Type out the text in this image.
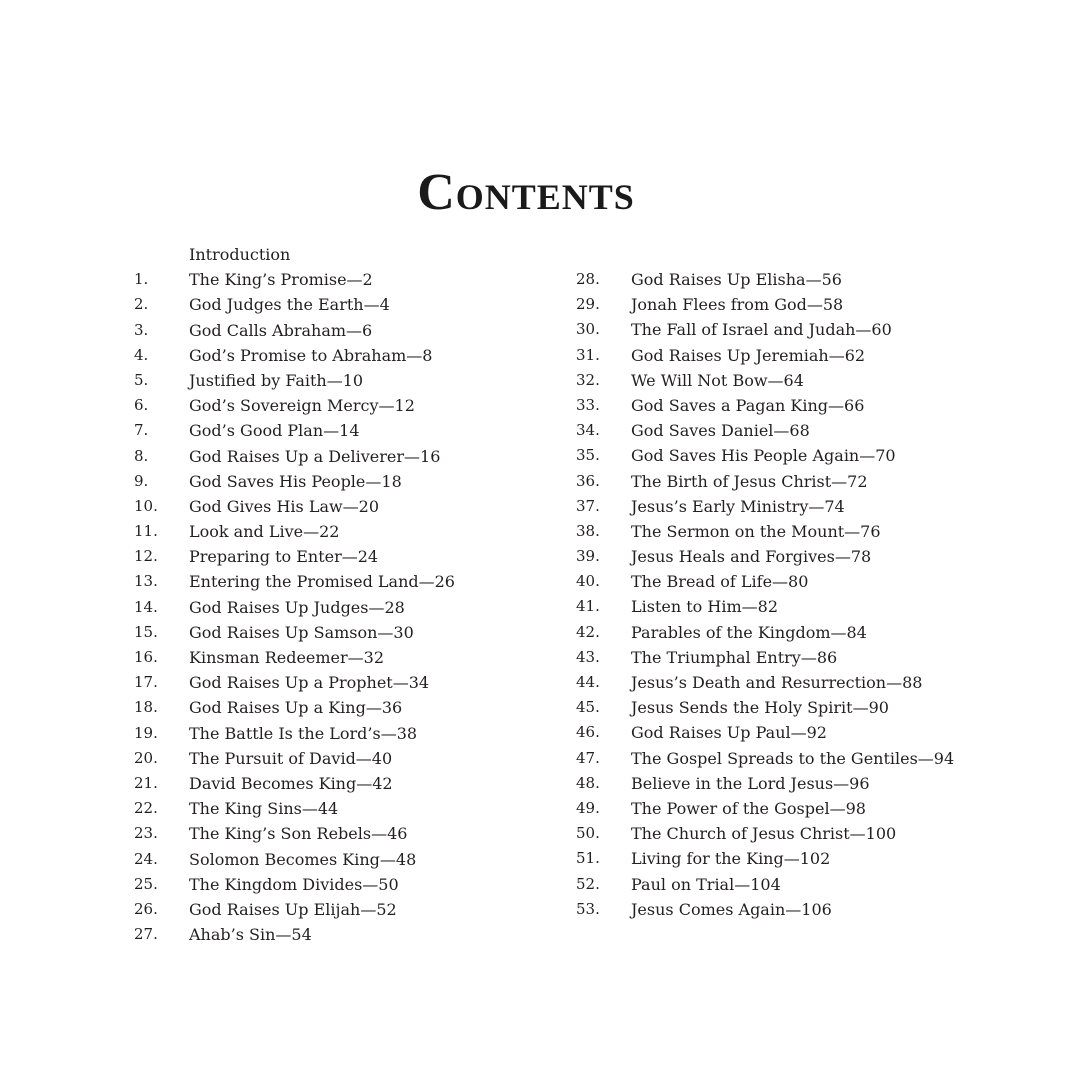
Contents
Introduction
1.	The King’s Promise—2
2.	God Judges the Earth—4
3.	God Calls Abraham—6
4.	God’s Promise to Abraham—8
5.	Justified by Faith—10
6.	God’s Sovereign Mercy—12
7.	God’s Good Plan—14
8.	God Raises Up a Deliverer—16
9.	God Saves His People—18
10.	God Gives His Law—20
11.	Look and Live—22
12.	Preparing to Enter—24
13.	Entering the Promised Land—26
14.	God Raises Up Judges—28
15.	God Raises Up Samson—30
16.	Kinsman Redeemer—32
17.	God Raises Up a Prophet—34
18.	God Raises Up a King—36
19.	The Battle Is the Lord’s—38
20.	The Pursuit of David—40
21.	David Becomes King—42
22.	The King Sins—44
23.	The King’s Son Rebels—46
24.	Solomon Becomes King—48
25.	The Kingdom Divides—50
26.	God Raises Up Elijah—52
27.	Ahab’s Sin—54
28.	God Raises Up Elisha—56
29.	Jonah Flees from God—58
30.	The Fall of Israel and Judah—60
31.	God Raises Up Jeremiah—62
32.	We Will Not Bow—64
33.	God Saves a Pagan King—66
34.	God Saves Daniel—68
35.	God Saves His People Again—70
36.	The Birth of Jesus Christ—72
37.	Jesus’s Early Ministry—74
38.	The Sermon on the Mount—76
39.	Jesus Heals and Forgives—78
40.	The Bread of Life—80
41.	Listen to Him—82
42.	Parables of the Kingdom—84
43.	The Triumphal Entry—86
44.	Jesus’s Death and Resurrection—88
45.	Jesus Sends the Holy Spirit—90
46.	God Raises Up Paul—92
47.	The Gospel Spreads to the Gentiles—94
48.	Believe in the Lord Jesus—96
49.	The Power of the Gospel—98
50.	The Church of Jesus Christ—100
51.	Living for the King—102
52.	Paul on Trial—104
53.	Jesus Comes Again—106
